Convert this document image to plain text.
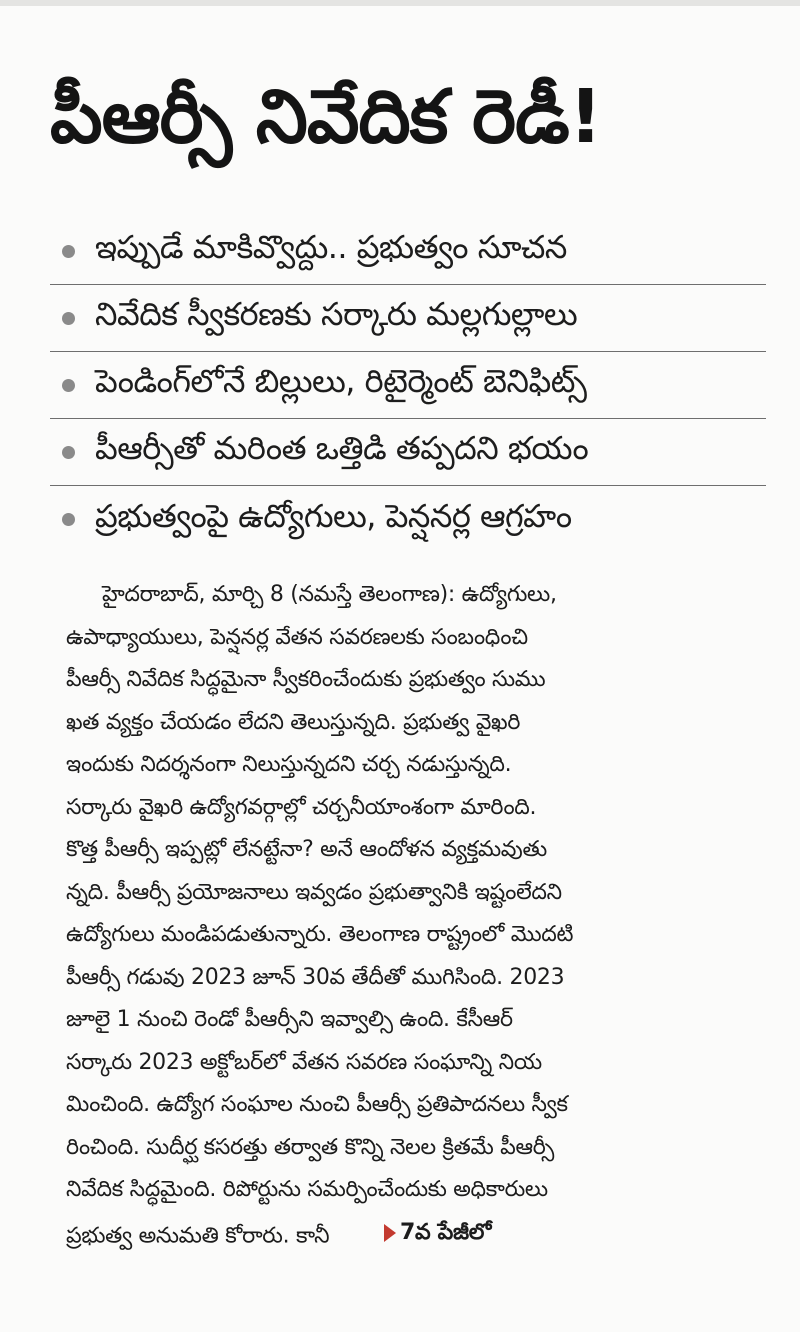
పీఆర్సీ నివేదిక రెడీ!
ఇప్పుడే మాకివ్వొద్దు.. ప్రభుత్వం సూచన
నివేదిక స్వీకరణకు సర్కారు మల్లగుల్లాలు
పెండింగ్‌లోనే బిల్లులు, రిటైర్మెంట్ బెనిఫిట్స్
పీఆర్సీతో మరింత ఒత్తిడి తప్పదని భయం
ప్రభుత్వంపై ఉద్యోగులు, పెన్షనర్ల ఆగ్రహం
హైదరాబాద్, మార్చి 8 (నమస్తే తెలంగాణ): ఉద్యోగులు,
ఉపాధ్యాయులు, పెన్షనర్ల వేతన సవరణలకు సంబంధించి
పీఆర్సీ నివేదిక సిద్ధమైనా స్వీకరించేందుకు ప్రభుత్వం సుము
ఖత వ్యక్తం చేయడం లేదని తెలుస్తున్నది. ప్రభుత్వ వైఖరి
ఇందుకు నిదర్శనంగా నిలుస్తున్నదని చర్చ నడుస్తున్నది.
సర్కారు వైఖరి ఉద్యోగవర్గాల్లో చర్చనీయాంశంగా మారింది.
కొత్త పీఆర్సీ ఇప్పట్లో లేనట్టేనా? అనే ఆందోళన వ్యక్తమవుతు
న్నది. పీఆర్సీ ప్రయోజనాలు ఇవ్వడం ప్రభుత్వానికి ఇష్టంలేదని
ఉద్యోగులు మండిపడుతున్నారు. తెలంగాణ రాష్ట్రంలో మొదటి
పీఆర్సీ గడువు 2023 జూన్ 30వ తేదీతో ముగిసింది. 2023
జూలై 1 నుంచి రెండో పీఆర్సీని ఇవ్వాల్సి ఉంది. కేసీఆర్
సర్కారు 2023 అక్టోబర్‌లో వేతన సవరణ సంఘాన్ని నియ
మించింది. ఉద్యోగ సంఘాల నుంచి పీఆర్సీ ప్రతిపాదనలు స్వీక
రించింది. సుదీర్ఘ కసరత్తు తర్వాత కొన్ని నెలల క్రితమే పీఆర్సీ
నివేదిక సిద్ధమైంది. రిపోర్టును సమర్పించేందుకు అధికారులు
ప్రభుత్వ అనుమతి కోరారు. కానీ	7వ పేజీలో
